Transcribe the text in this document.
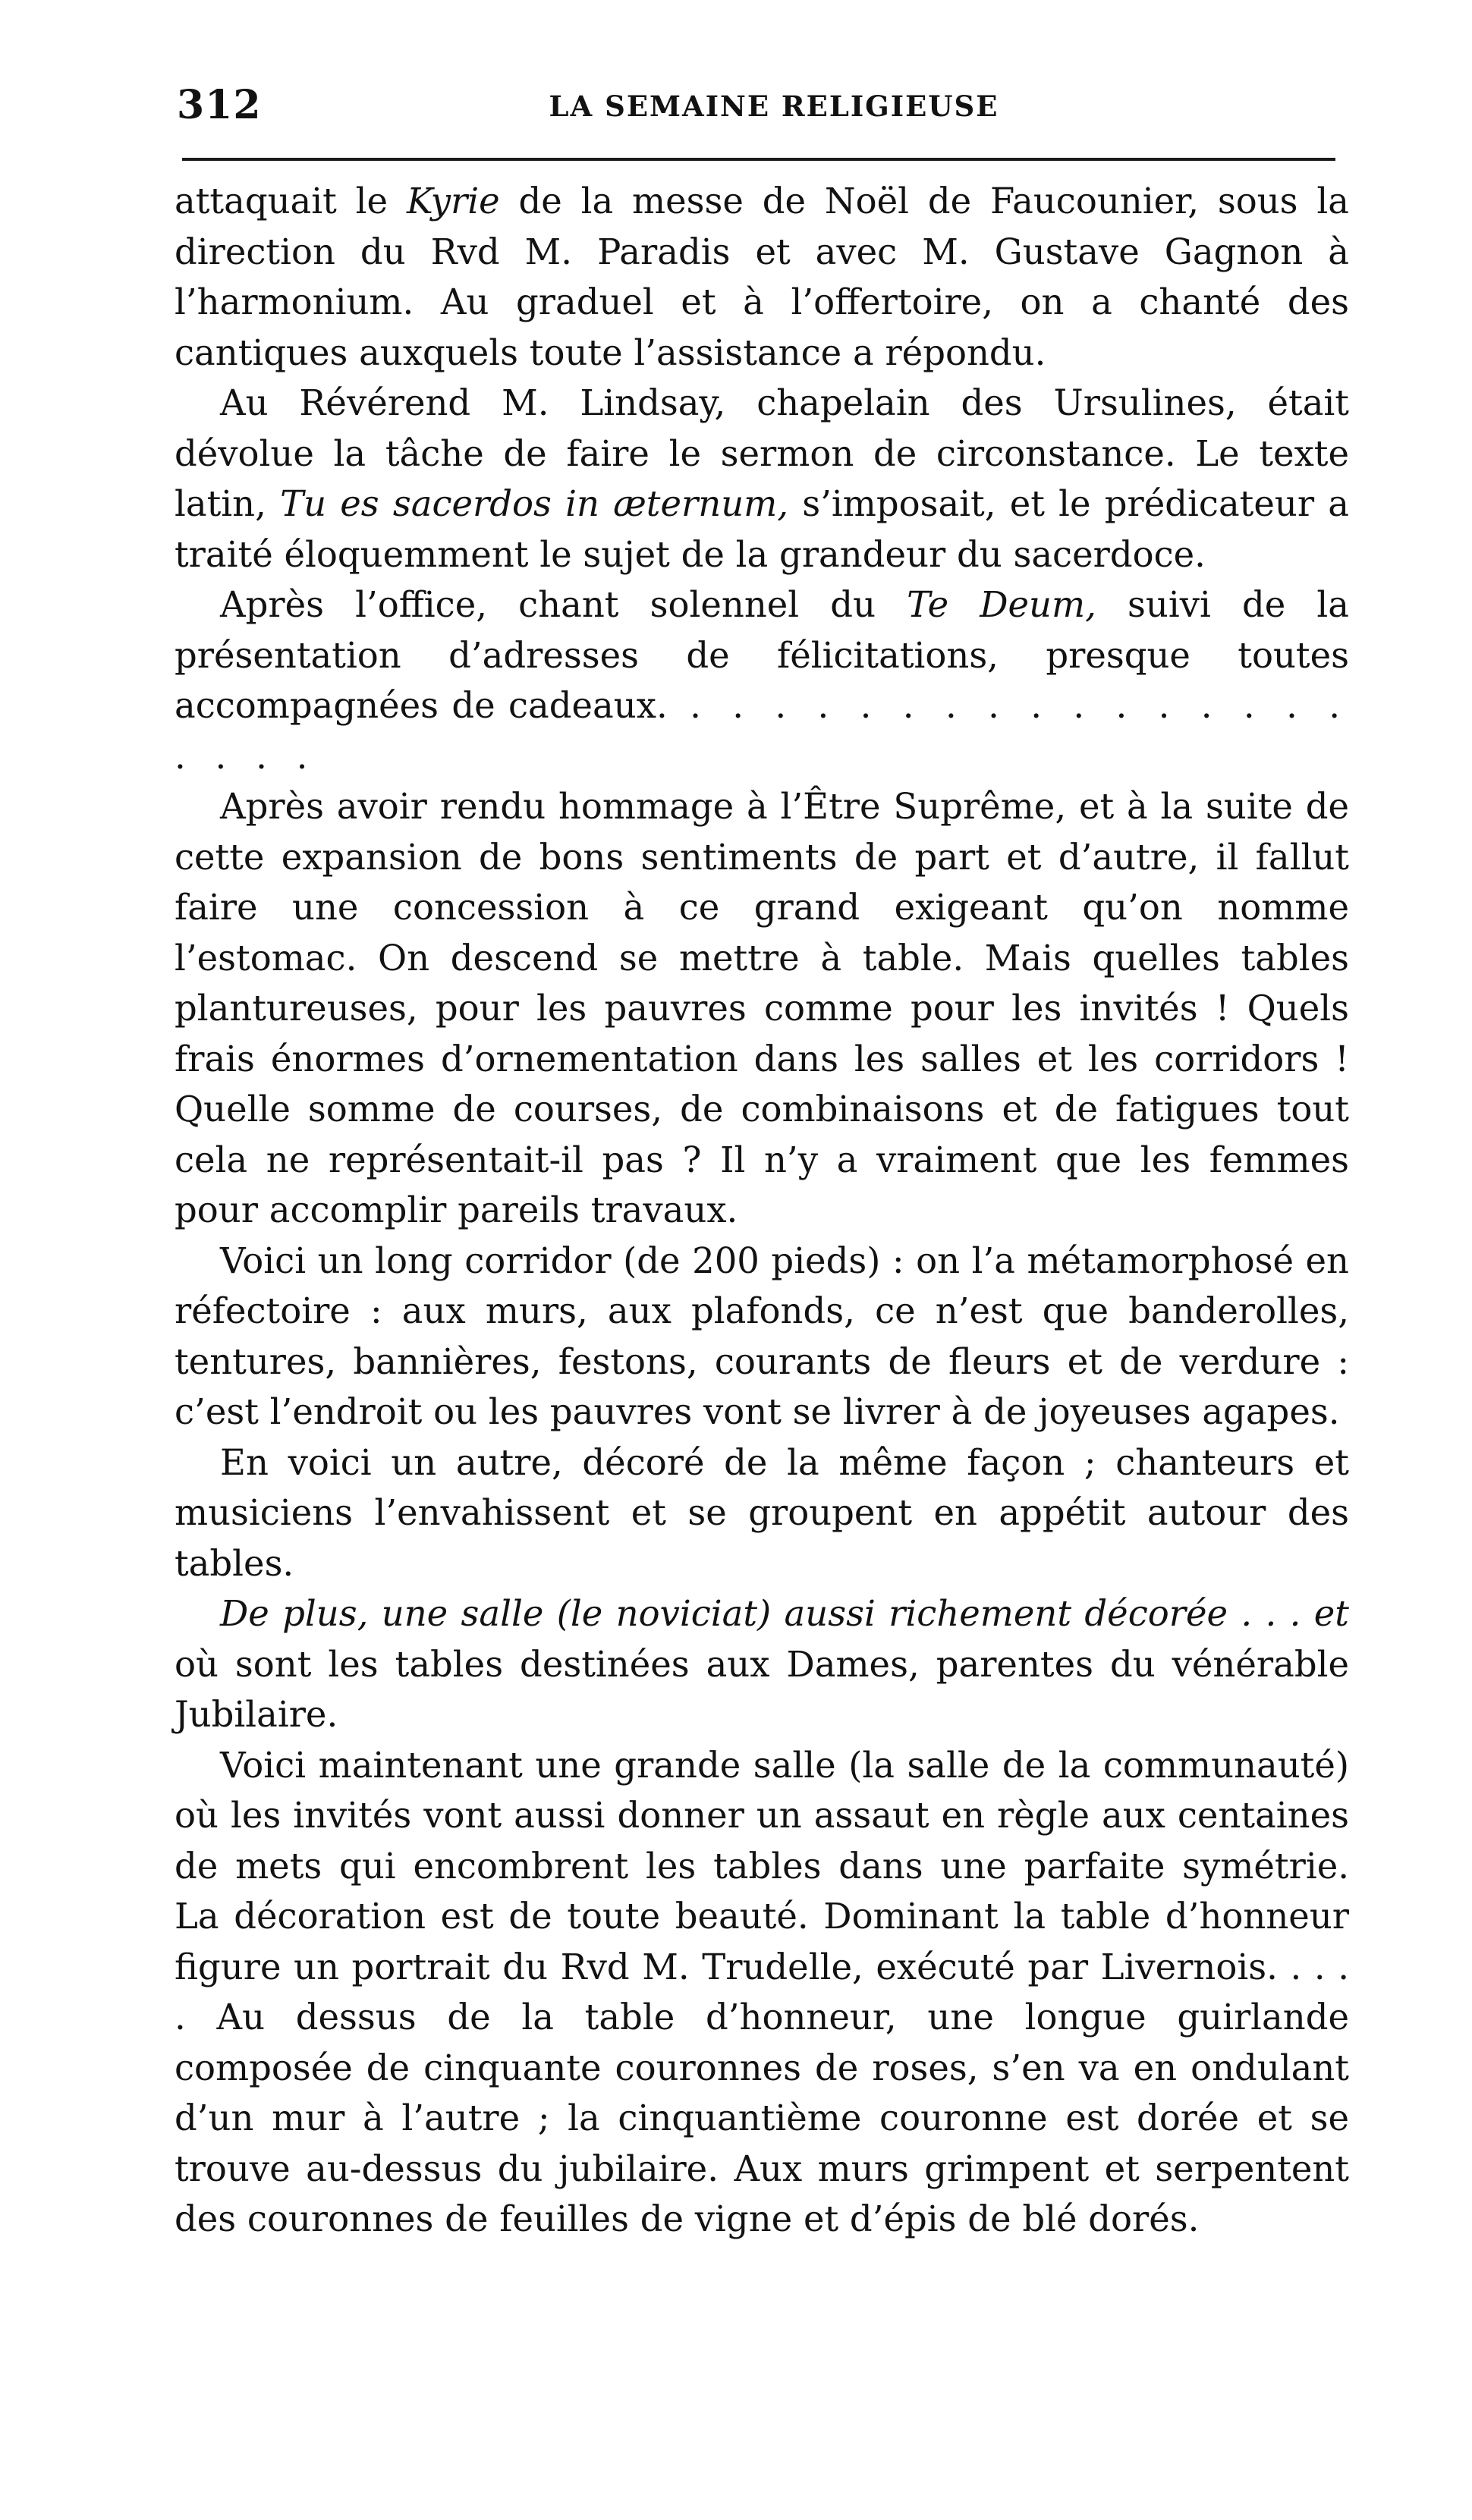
312	LA SEMAINE RELIGIEUSE

attaquait le Kyrie de la messe de Noël de Faucounier, sous la direction du Rvd M. Paradis et avec M. Gustave Gagnon à l’harmonium. Au graduel et à l’offertoire, on a chanté des cantiques auxquels toute l’assistance a répondu.

Au Révérend M. Lindsay, chapelain des Ursulines, était dévolue la tâche de faire le sermon de circonstance. Le texte latin, Tu es sacerdos in æternum, s’imposait, et le prédicateur a traité éloquemment le sujet de la grandeur du sacerdoce.

Après l’office, chant solennel du Te Deum, suivi de la présentation d’adresses de félicitations, presque toutes accompagnées de cadeaux. . . . . . . . . . . . . . . . . . . . .

Après avoir rendu hommage à l’Être Suprême, et à la suite de cette expansion de bons sentiments de part et d’autre, il fallut faire une concession à ce grand exigeant qu’on nomme l’estomac. On descend se mettre à table. Mais quelles tables plantureuses, pour les pauvres comme pour les invités ! Quels frais énormes d’ornementation dans les salles et les corridors ! Quelle somme de courses, de combinaisons et de fatigues tout cela ne représentait-il pas ? Il n’y a vraiment que les femmes pour accomplir pareils travaux.

Voici un long corridor (de 200 pieds) : on l’a métamorphosé en réfectoire : aux murs, aux plafonds, ce n’est que banderolles, tentures, bannières, festons, courants de fleurs et de verdure : c’est l’endroit ou les pauvres vont se livrer à de joyeuses agapes.

En voici un autre, décoré de la même façon ; chanteurs et musiciens l’envahissent et se groupent en appétit autour des tables.

De plus, une salle (le noviciat) aussi richement décorée . . . et où sont les tables destinées aux Dames, parentes du vénérable Jubilaire.

Voici maintenant une grande salle (la salle de la communauté) où les invités vont aussi donner un assaut en règle aux centaines de mets qui encombrent les tables dans une parfaite symétrie. La décoration est de toute beauté. Dominant la table d’honneur figure un portrait du Rvd M. Trudelle, exécuté par Livernois. . . . . Au dessus de la table d’honneur, une longue guirlande composée de cinquante couronnes de roses, s’en va en ondulant d’un mur à l’autre ; la cinquantième couronne est dorée et se trouve au-dessus du jubilaire. Aux murs grimpent et serpentent des couronnes de feuilles de vigne et d’épis de blé dorés.
